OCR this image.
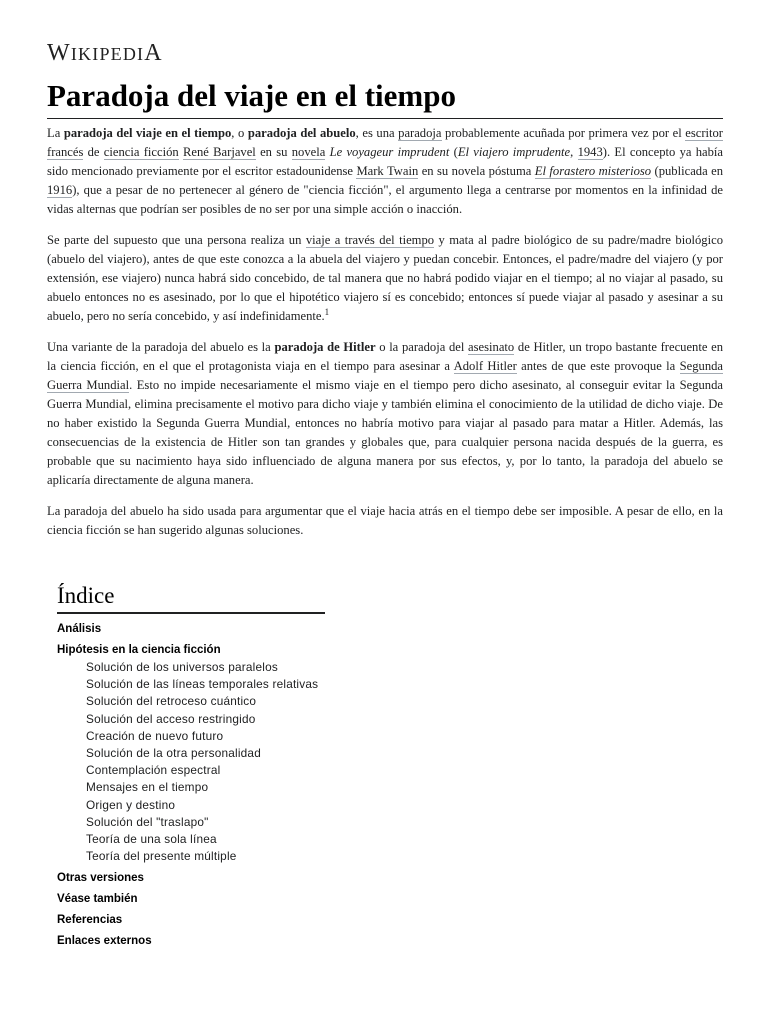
WIKIPEDIA
Paradoja del viaje en el tiempo

La paradoja del viaje en el tiempo, o paradoja del abuelo, es una paradoja probablemente acuñada por primera vez por el escritor francés de ciencia ficción René Barjavel en su novela Le voyageur imprudent (El viajero imprudente, 1943). El concepto ya había sido mencionado previamente por el escritor estadounidense Mark Twain en su novela póstuma El forastero misterioso (publicada en 1916), que a pesar de no pertenecer al género de "ciencia ficción", el argumento llega a centrarse por momentos en la infinidad de vidas alternas que podrían ser posibles de no ser por una simple acción o inacción.

Se parte del supuesto que una persona realiza un viaje a través del tiempo y mata al padre biológico de su padre/madre biológico (abuelo del viajero), antes de que este conozca a la abuela del viajero y puedan concebir. Entonces, el padre/madre del viajero (y por extensión, ese viajero) nunca habrá sido concebido, de tal manera que no habrá podido viajar en el tiempo; al no viajar al pasado, su abuelo entonces no es asesinado, por lo que el hipotético viajero sí es concebido; entonces sí puede viajar al pasado y asesinar a su abuelo, pero no sería concebido, y así indefinidamente.$^1$

Una variante de la paradoja del abuelo es la paradoja de Hitler o la paradoja del asesinato de Hitler, un tropo bastante frecuente en la ciencia ficción, en el que el protagonista viaja en el tiempo para asesinar a Adolf Hitler antes de que este provoque la Segunda Guerra Mundial. Esto no impide necesariamente el mismo viaje en el tiempo pero dicho asesinato, al conseguir evitar la Segunda Guerra Mundial, elimina precisamente el motivo para dicho viaje y también elimina el conocimiento de la utilidad de dicho viaje. De no haber existido la Segunda Guerra Mundial, entonces no habría motivo para viajar al pasado para matar a Hitler. Además, las consecuencias de la existencia de Hitler son tan grandes y globales que, para cualquier persona nacida después de la guerra, es probable que su nacimiento haya sido influenciado de alguna manera por sus efectos, y, por lo tanto, la paradoja del abuelo se aplicaría directamente de alguna manera.

La paradoja del abuelo ha sido usada para argumentar que el viaje hacia atrás en el tiempo debe ser imposible. A pesar de ello, en la ciencia ficción se han sugerido algunas soluciones.

Índice
Análisis
Hipótesis en la ciencia ficción
Solución de los universos paralelos
Solución de las líneas temporales relativas
Solución del retroceso cuántico
Solución del acceso restringido
Creación de nuevo futuro
Solución de la otra personalidad
Contemplación espectral
Mensajes en el tiempo
Origen y destino
Solución del "traslapo"
Teoría de una sola línea
Teoría del presente múltiple
Otras versiones
Véase también
Referencias
Enlaces externos
